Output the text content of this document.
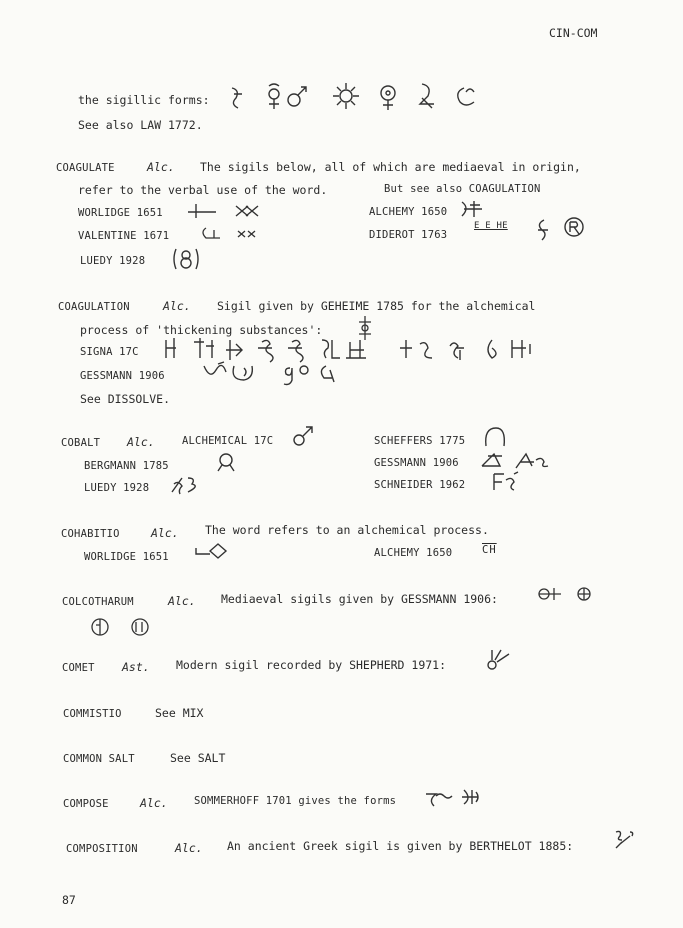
CIN-COM
the sigillic forms:
See also LAW 1772.
COAGULATE	Alc. The sigils below, all of which are mediaeval in origin,
refer to the verbal use of the word.	But see also COAGULATION
WORLIDGE 1651
VALENTINE 1671
LUEDY 1928
ALCHEMY 1650
DIDEROT 1763
E E HE
COAGULATION	Alc. Sigil given by GEHEIME 1785 for the alchemical
process of 'thickening substances':
SIGNA 17C
GESSMANN 1906
See DISSOLVE.
COBALT Alc.	ALCHEMICAL 17C
BERGMANN 1785
LUEDY 1928
SCHEFFERS 1775
GESSMANN 1906
SCHNEIDER 1962
COHABITIO	Alc. The word refers to an alchemical process.
WORLIDGE 1651	ALCHEMY 1650	$\overline{CH}$
COLCOTHARUM	Alc. Mediaeval sigils given by GESSMANN 1906:
COMET Ast. Modern sigil recorded by SHEPHERD 1971:
COMMISTIO	See MIX
COMMON SALT	See SALT
COMPOSE	Alc.	SOMMERHOFF 1701 gives the forms
COMPOSITION	Alc. An ancient Greek sigil is given by BERTHELOT 1885:
87
